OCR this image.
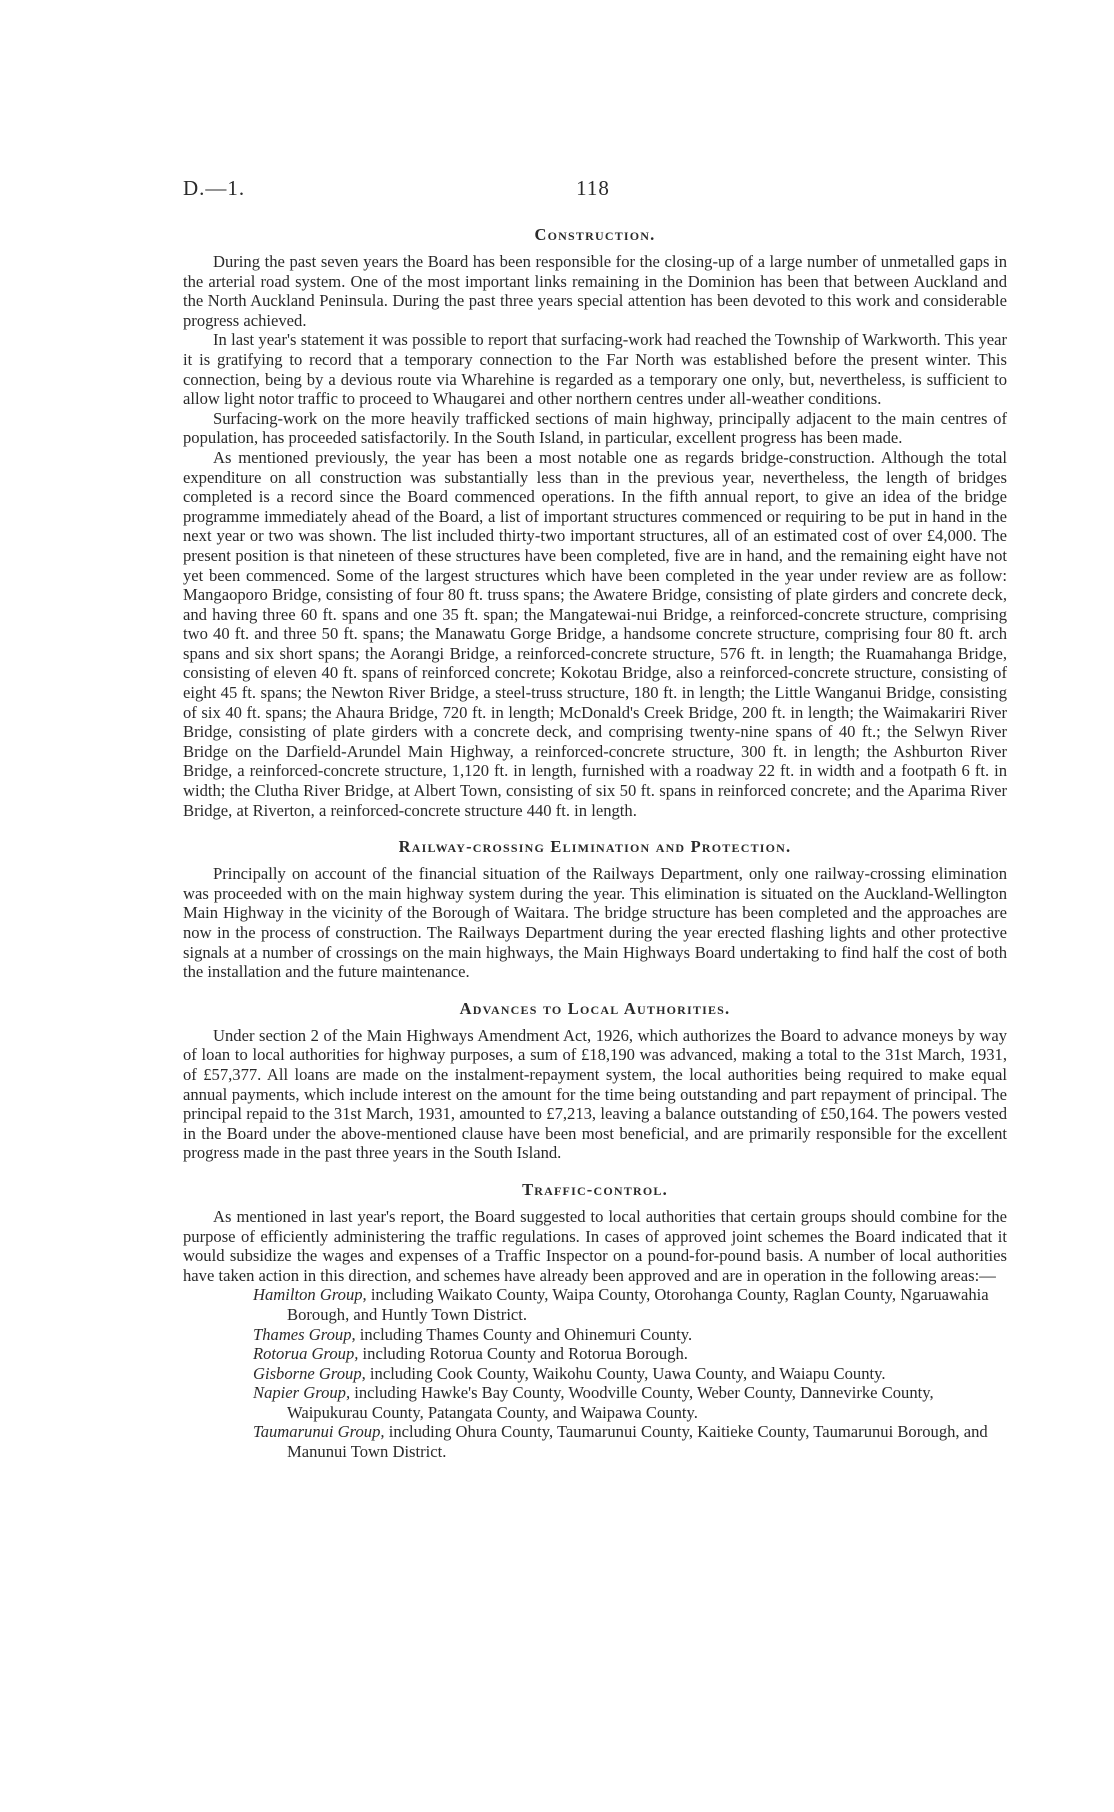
D.—1.	118
Construction.

During the past seven years the Board has been responsible for the closing-up of a large number of unmetalled gaps in the arterial road system. One of the most important links remaining in the Dominion has been that between Auckland and the North Auckland Peninsula. During the past three years special attention has been devoted to this work and considerable progress achieved.

In last year's statement it was possible to report that surfacing-work had reached the Township of Warkworth. This year it is gratifying to record that a temporary connection to the Far North was established before the present winter. This connection, being by a devious route via Wharehine is regarded as a temporary one only, but, nevertheless, is sufficient to allow light notor traffic to proceed to Whaugarei and other northern centres under all-weather conditions.

Surfacing-work on the more heavily trafficked sections of main highway, principally adjacent to the main centres of population, has proceeded satisfactorily. In the South Island, in particular, excellent progress has been made.

As mentioned previously, the year has been a most notable one as regards bridge-construction. Although the total expenditure on all construction was substantially less than in the previous year, nevertheless, the length of bridges completed is a record since the Board commenced operations. In the fifth annual report, to give an idea of the bridge programme immediately ahead of the Board, a list of important structures commenced or requiring to be put in hand in the next year or two was shown. The list included thirty-two important structures, all of an estimated cost of over £4,000. The present position is that nineteen of these structures have been completed, five are in hand, and the remaining eight have not yet been commenced. Some of the largest structures which have been completed in the year under review are as follow: Mangaoporo Bridge, consisting of four 80 ft. truss spans; the Awatere Bridge, consisting of plate girders and concrete deck, and having three 60 ft. spans and one 35 ft. span; the Mangatewai-nui Bridge, a reinforced-concrete structure, comprising two 40 ft. and three 50 ft. spans; the Manawatu Gorge Bridge, a handsome concrete structure, comprising four 80 ft. arch spans and six short spans; the Aorangi Bridge, a reinforced-concrete structure, 576 ft. in length; the Ruamahanga Bridge, consisting of eleven 40 ft. spans of reinforced concrete; Kokotau Bridge, also a reinforced-concrete structure, consisting of eight 45 ft. spans; the Newton River Bridge, a steel-truss structure, 180 ft. in length; the Little Wanganui Bridge, consisting of six 40 ft. spans; the Ahaura Bridge, 720 ft. in length; McDonald's Creek Bridge, 200 ft. in length; the Waimakariri River Bridge, consisting of plate girders with a concrete deck, and comprising twenty-nine spans of 40 ft.; the Selwyn River Bridge on the Darfield-Arundel Main Highway, a reinforced-concrete structure, 300 ft. in length; the Ashburton River Bridge, a reinforced-concrete structure, 1,120 ft. in length, furnished with a roadway 22 ft. in width and a footpath 6 ft. in width; the Clutha River Bridge, at Albert Town, consisting of six 50 ft. spans in reinforced concrete; and the Aparima River Bridge, at Riverton, a reinforced-concrete structure 440 ft. in length.

Railway-crossing Elimination and Protection.

Principally on account of the financial situation of the Railways Department, only one railway-crossing elimination was proceeded with on the main highway system during the year. This elimination is situated on the Auckland-Wellington Main Highway in the vicinity of the Borough of Waitara. The bridge structure has been completed and the approaches are now in the process of construction. The Railways Department during the year erected flashing lights and other protective signals at a number of crossings on the main highways, the Main Highways Board undertaking to find half the cost of both the installation and the future maintenance.

Advances to Local Authorities.

Under section 2 of the Main Highways Amendment Act, 1926, which authorizes the Board to advance moneys by way of loan to local authorities for highway purposes, a sum of £18,190 was advanced, making a total to the 31st March, 1931, of £57,377. All loans are made on the instalment-repayment system, the local authorities being required to make equal annual payments, which include interest on the amount for the time being outstanding and part repayment of principal. The principal repaid to the 31st March, 1931, amounted to £7,213, leaving a balance outstanding of £50,164. The powers vested in the Board under the above-mentioned clause have been most beneficial, and are primarily responsible for the excellent progress made in the past three years in the South Island.

Traffic-control.

As mentioned in last year's report, the Board suggested to local authorities that certain groups should combine for the purpose of efficiently administering the traffic regulations. In cases of approved joint schemes the Board indicated that it would subsidize the wages and expenses of a Traffic Inspector on a pound-for-pound basis. A number of local authorities have taken action in this direction, and schemes have already been approved and are in operation in the following areas:—

Hamilton Group, including Waikato County, Waipa County, Otorohanga County, Raglan County, Ngaruawahia Borough, and Huntly Town District.
Thames Group, including Thames County and Ohinemuri County.
Rotorua Group, including Rotorua County and Rotorua Borough.
Gisborne Group, including Cook County, Waikohu County, Uawa County, and Waiapu County.
Napier Group, including Hawke's Bay County, Woodville County, Weber County, Dannevirke County, Waipukurau County, Patangata County, and Waipawa County.
Taumarunui Group, including Ohura County, Taumarunui County, Kaitieke County, Taumarunui Borough, and Manunui Town District.
